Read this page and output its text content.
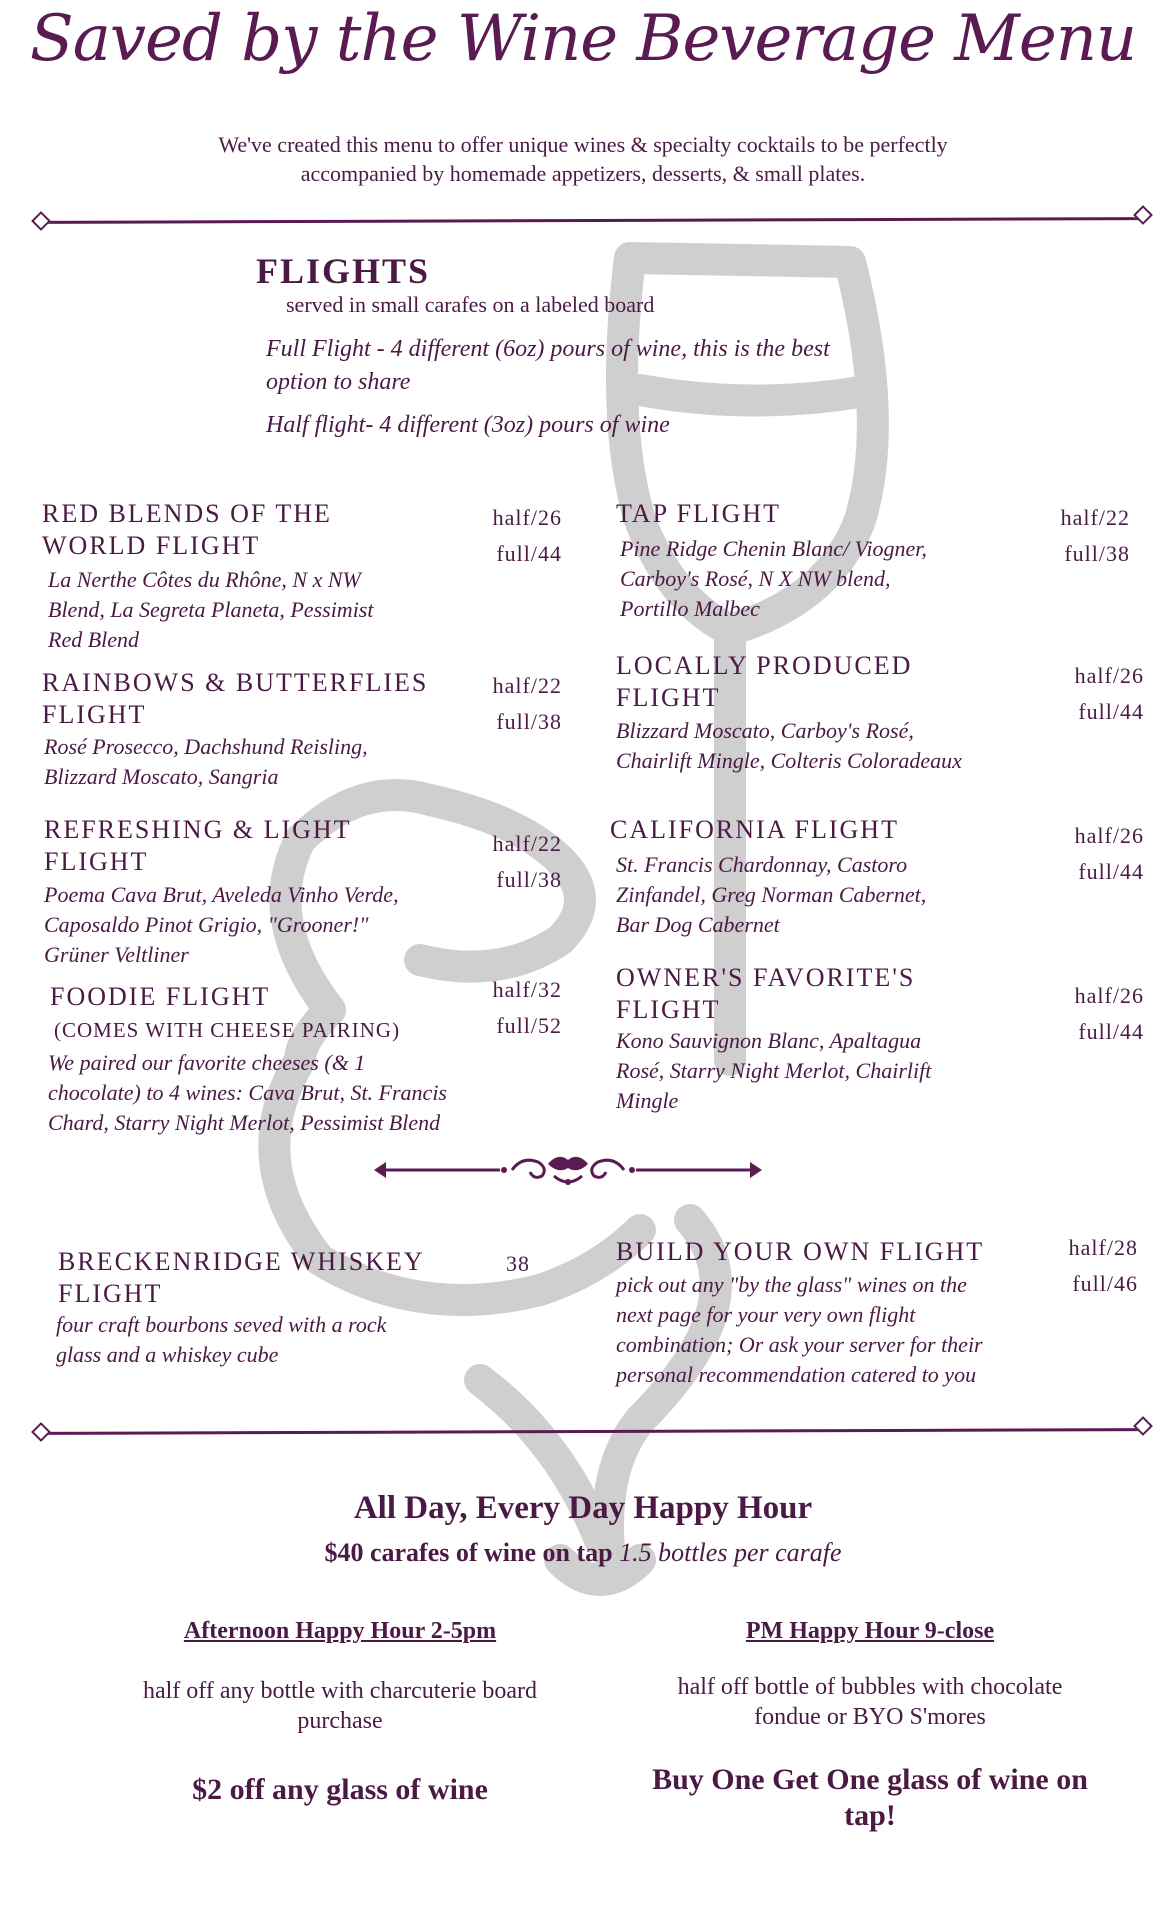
Saved by the Wine Beverage Menu
We've created this menu to offer unique wines & specialty cocktails to be perfectly
accompanied by homemade appetizers, desserts, & small plates.
FLIGHTS
served in small carafes on a labeled board
Full Flight - 4 different (6oz) pours of wine, this is the best
option to share
Half flight- 4 different (3oz) pours of wine
RED BLENDS OF THE
WORLD FLIGHT
half/26
full/44
La Nerthe Côtes du Rhône, N x NW
Blend, La Segreta Planeta, Pessimist
Red Blend
RAINBOWS & BUTTERFLIES
FLIGHT
half/22
full/38
Rosé Prosecco, Dachshund Reisling,
Blizzard Moscato, Sangria
REFRESHING & LIGHT
FLIGHT
half/22
full/38
Poema Cava Brut, Aveleda Vinho Verde,
Caposaldo Pinot Grigio, "Grooner!"
Grüner Veltliner
FOODIE FLIGHT
(COMES WITH CHEESE PAIRING)
half/32
full/52
We paired our favorite cheeses (& 1
chocolate) to 4 wines: Cava Brut, St. Francis
Chard, Starry Night Merlot, Pessimist Blend
TAP FLIGHT	half/22
full/38
Pine Ridge Chenin Blanc/ Viogner,
Carboy's Rosé, N X NW blend,
Portillo Malbec
LOCALLY PRODUCED
FLIGHT
half/26
full/44
Blizzard Moscato, Carboy's Rosé,
Chairlift Mingle, Colteris Coloradeaux
CALIFORNIA FLIGHT	half/26
full/44
St. Francis Chardonnay, Castoro
Zinfandel, Greg Norman Cabernet,
Bar Dog Cabernet
OWNER'S FAVORITE'S
FLIGHT	half/26
full/44
Kono Sauvignon Blanc, Apaltagua
Rosé, Starry Night Merlot, Chairlift
Mingle
BRECKENRIDGE WHISKEY
FLIGHT
38
four craft bourbons seved with a rock
glass and a whiskey cube
BUILD YOUR OWN FLIGHT	half/28
full/46
pick out any "by the glass" wines on the
next page for your very own flight
combination; Or ask your server for their
personal recommendation catered to you
All Day, Every Day Happy Hour
$40 carafes of wine on tap 1.5 bottles per carafe
Afternoon Happy Hour 2-5pm
half off any bottle with charcuterie board
purchase
$2 off any glass of wine
PM Happy Hour 9-close
half off bottle of bubbles with chocolate
fondue or BYO S'mores
Buy One Get One glass of wine on
tap!
